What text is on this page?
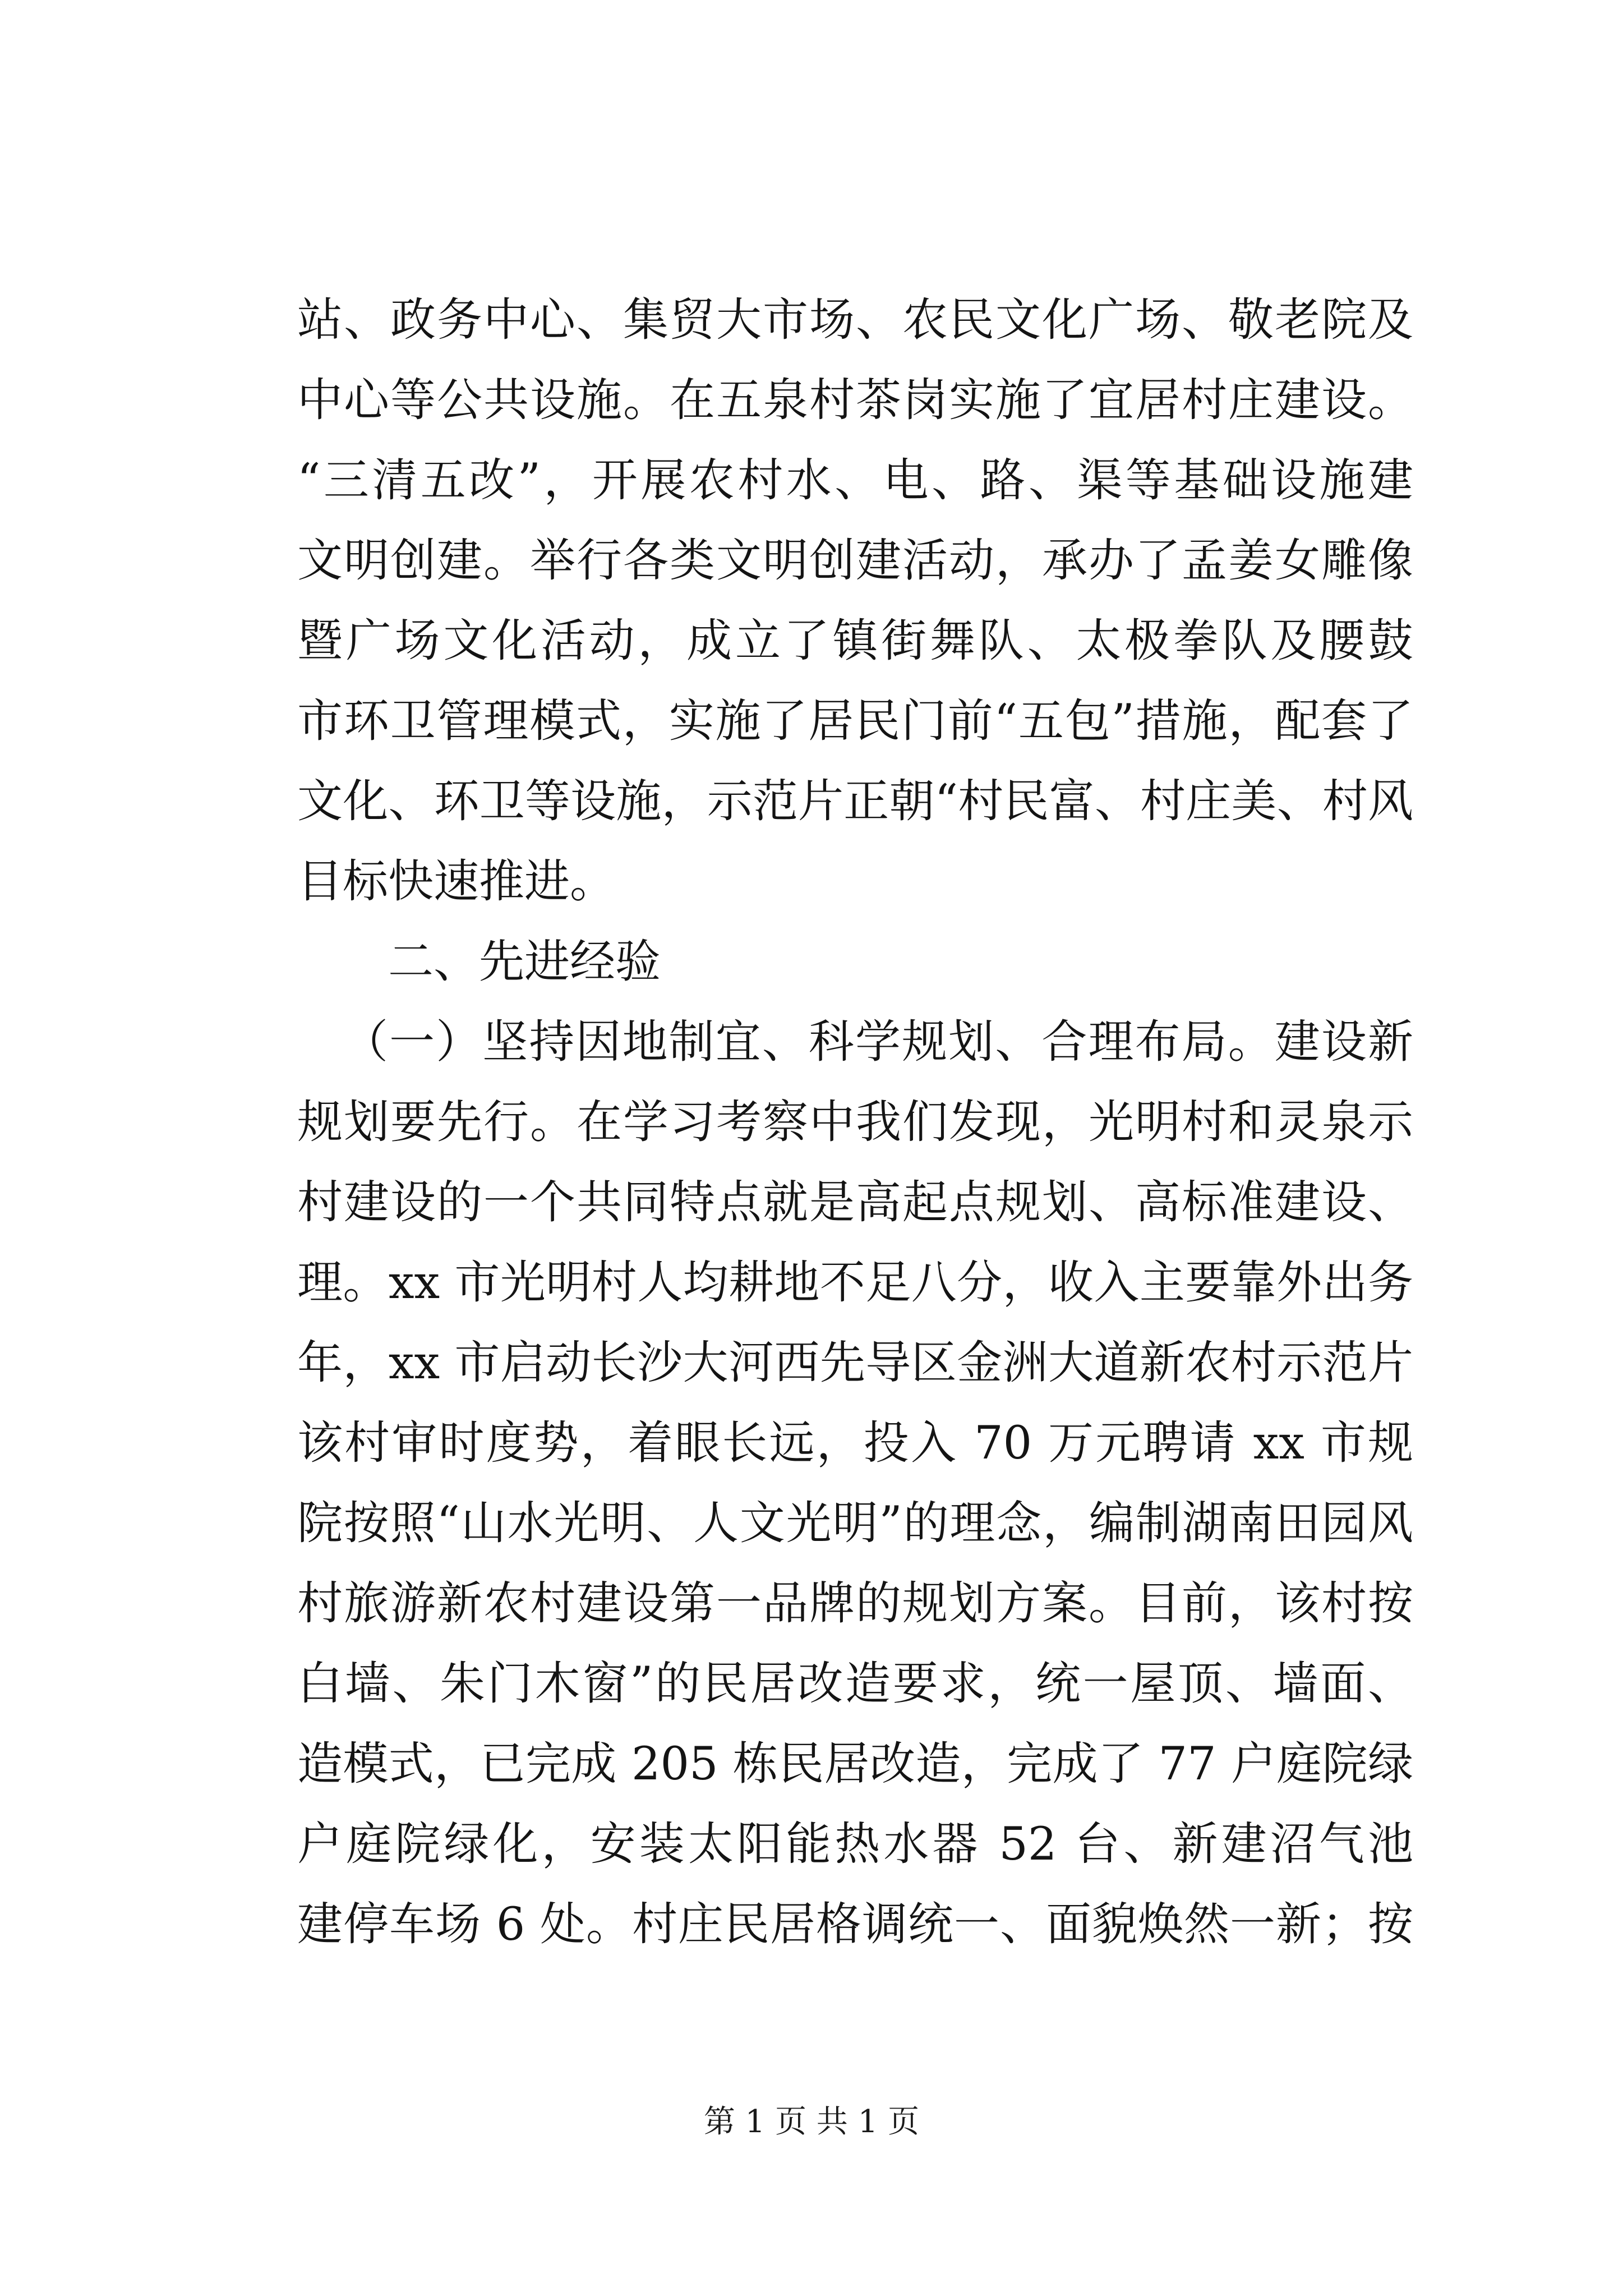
站、政务中心、集贸大市场、农民文化广场、敬老院及
中心等公共设施。在五泉村茶岗实施了宜居村庄建设。
“三清五改”，开展农村水、电、路、渠等基础设施建
文明创建。举行各类文明创建活动，承办了孟姜女雕像
暨广场文化活动，成立了镇街舞队、太极拳队及腰鼓
市环卫管理模式，实施了居民门前“五包”措施，配套了
文化、环卫等设施，示范片正朝“村民富、村庄美、村风
目标快速推进。
二、先进经验
（一）坚持因地制宜、科学规划、合理布局。建设新
规划要先行。在学习考察中我们发现，光明村和灵泉示
村建设的一个共同特点就是高起点规划、高标准建设、
理。xx 市光明村人均耕地不足八分，收入主要靠外出务
年，xx 市启动长沙大河西先导区金洲大道新农村示范片
该村审时度势，着眼长远，投入 70 万元聘请 xx 市规
院按照“山水光明、人文光明”的理念，编制湖南田园风
村旅游新农村建设第一品牌的规划方案。目前，该村按
白墙、朱门木窗”的民居改造要求，统一屋顶、墙面、
造模式，已完成 205 栋民居改造，完成了 77 户庭院绿
户庭院绿化，安装太阳能热水器 52 台、新建沼气池
建停车场 6 处。村庄民居格调统一、面貌焕然一新；按
第 1 页 共 1 页
